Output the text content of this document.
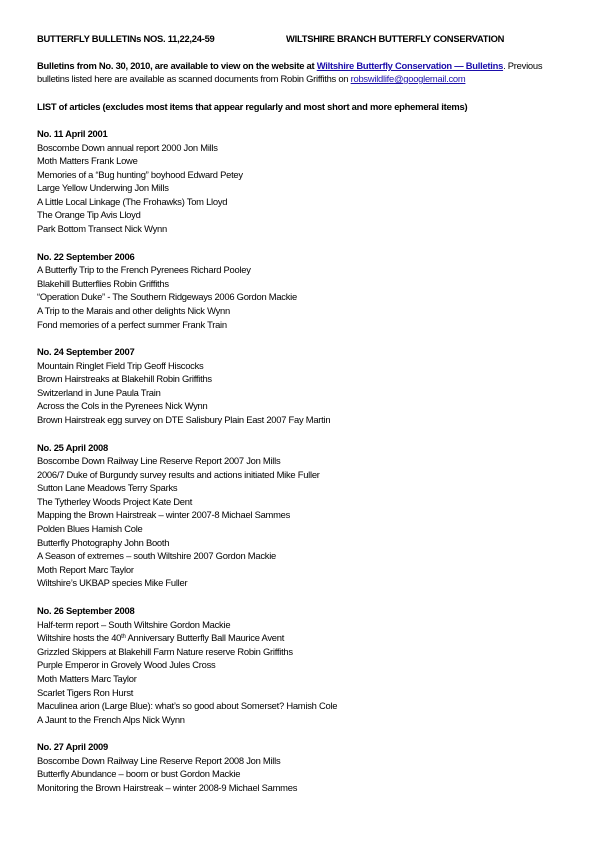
BUTTERFLY BULLETINs NOS. 11,22,24-59	WILTSHIRE BRANCH BUTTERFLY CONSERVATION
Bulletins from No. 30, 2010, are available to view on the website at Wiltshire Butterfly Conservation — Bulletins. Previous bulletins listed here are available as scanned documents from Robin Griffiths on robswildlife@googlemail.com
LIST of articles (excludes most items that appear regularly and most short and more ephemeral items)
No. 11 April 2001
Boscombe Down annual report 2000 Jon Mills
Moth Matters Frank Lowe
Memories of a “Bug hunting” boyhood Edward Petey
Large Yellow Underwing Jon Mills
A Little Local Linkage (The Frohawks) Tom Lloyd
The Orange Tip Avis Lloyd
Park Bottom Transect Nick Wynn
No. 22 September 2006
A Butterfly Trip to the French Pyrenees Richard Pooley
Blakehill Butterflies Robin Griffiths
“Operation Duke” - The Southern Ridgeways 2006 Gordon Mackie
A Trip to the Marais and other delights Nick Wynn
Fond memories of a perfect summer Frank Train
No. 24 September 2007
Mountain Ringlet Field Trip Geoff Hiscocks
Brown Hairstreaks at Blakehill Robin Griffiths
Switzerland in June Paula Train
Across the Cols in the Pyrenees Nick Wynn
Brown Hairstreak egg survey on DTE Salisbury Plain East 2007 Fay Martin
No. 25 April 2008
Boscombe Down Railway Line Reserve Report 2007 Jon Mills
2006/7 Duke of Burgundy survey results and actions initiated Mike Fuller
Sutton Lane Meadows Terry Sparks
The Tytherley Woods Project Kate Dent
Mapping the Brown Hairstreak – winter 2007-8 Michael Sammes
Polden Blues Hamish Cole
Butterfly Photography John Booth
A Season of extremes – south Wiltshire 2007 Gordon Mackie
Moth Report Marc Taylor
Wiltshire’s UKBAP species Mike Fuller
No. 26 September 2008
Half-term report – South Wiltshire Gordon Mackie
Wiltshire hosts the 40th Anniversary Butterfly Ball Maurice Avent
Grizzled Skippers at Blakehill Farm Nature reserve Robin Griffiths
Purple Emperor in Grovely Wood Jules Cross
Moth Matters Marc Taylor
Scarlet Tigers Ron Hurst
Maculinea arion (Large Blue): what’s so good about Somerset? Hamish Cole
A Jaunt to the French Alps Nick Wynn
No. 27 April 2009
Boscombe Down Railway Line Reserve Report 2008 Jon Mills
Butterfly Abundance – boom or bust Gordon Mackie
Monitoring the Brown Hairstreak – winter 2008-9 Michael Sammes
